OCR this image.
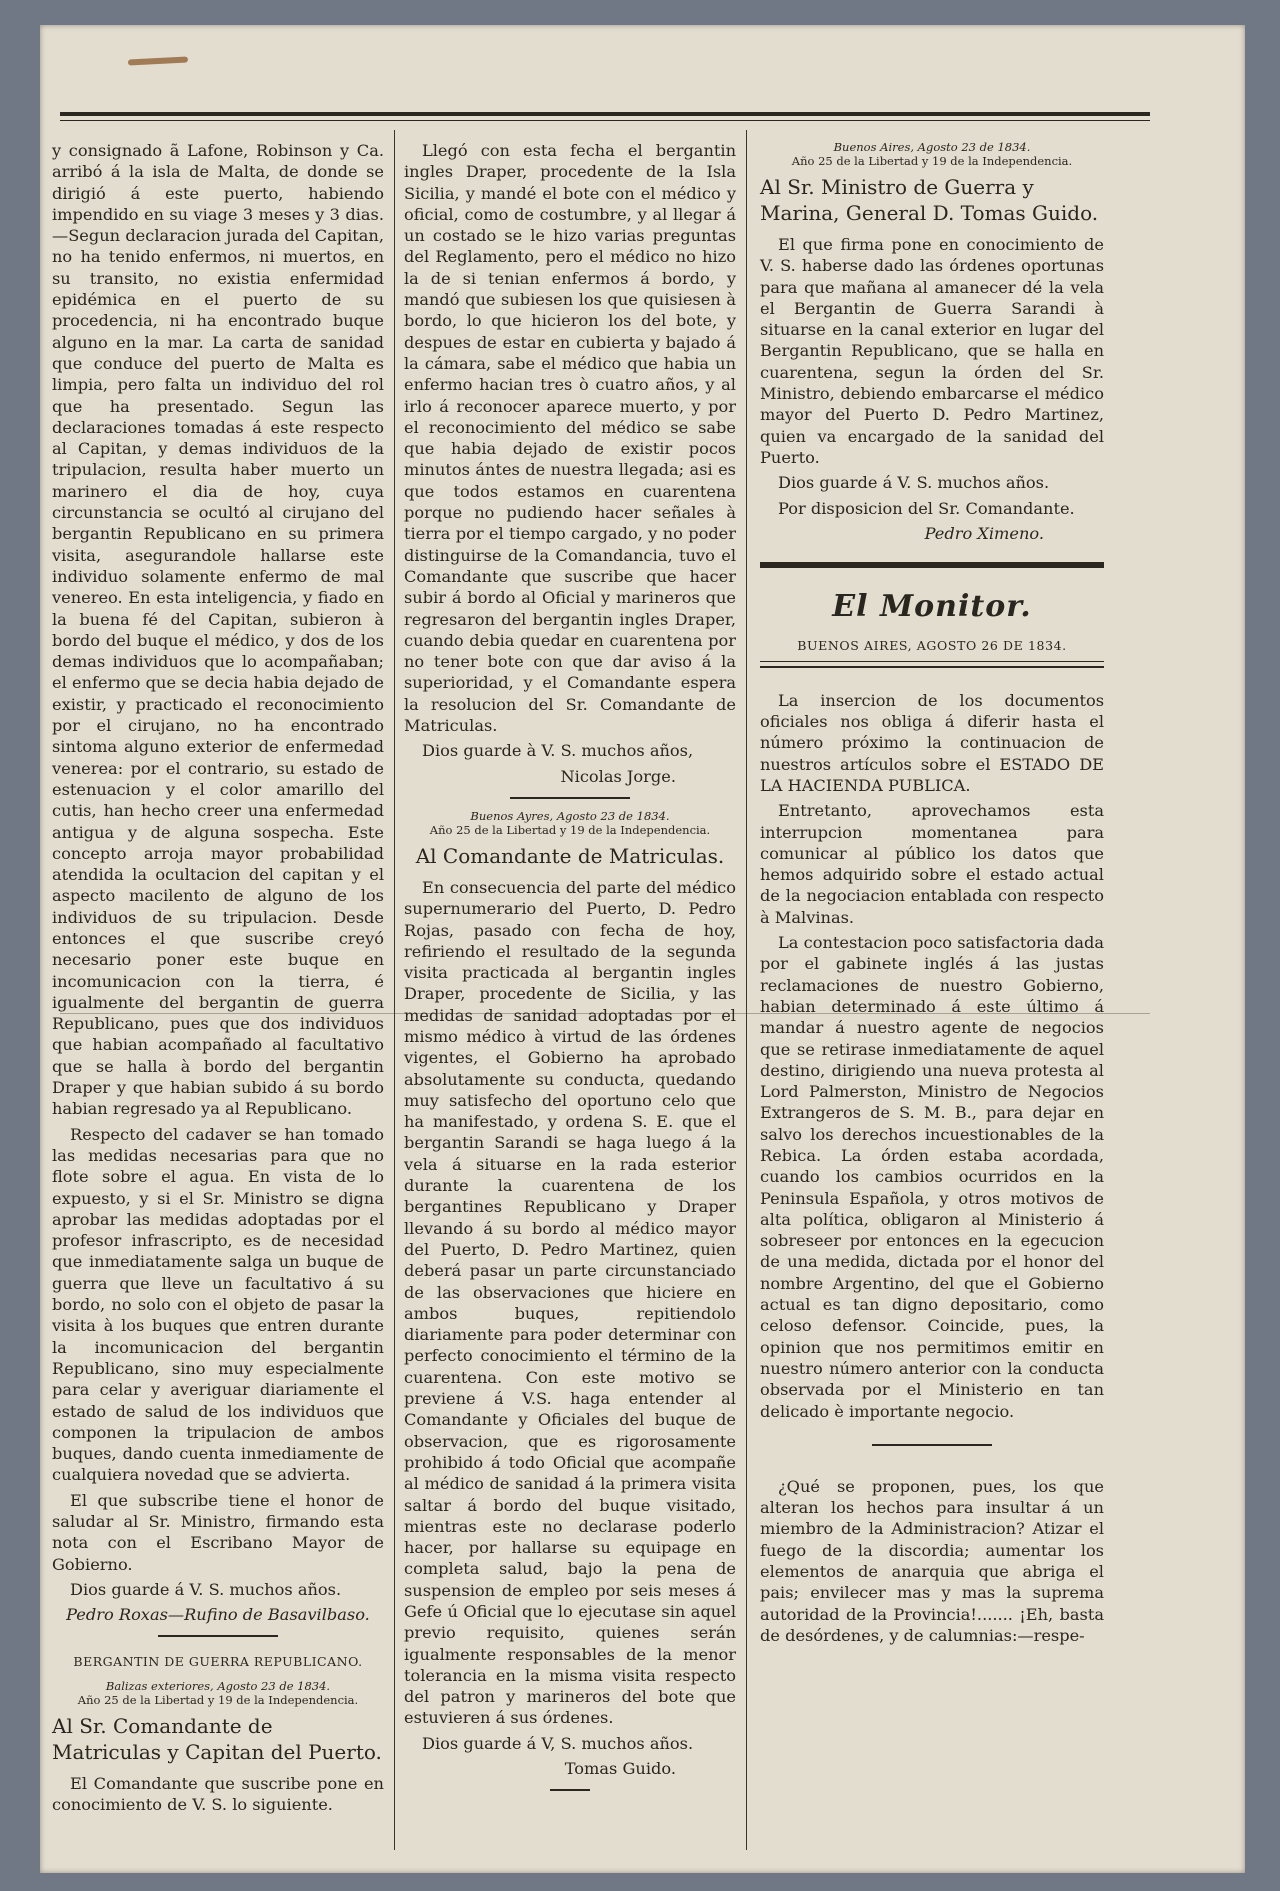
y consignado ã Lafone, Robinson y Ca. arribó á la isla de Malta, de donde se dirigió á este puerto, habiendo impendido en su viage 3 meses y 3 dias.—Segun declaracion jurada del Capitan, no ha tenido enfermos, ni muertos, en su transito, no existia enfermidad epidémica en el puerto de su procedencia, ni ha encontrado buque alguno en la mar. La carta de sanidad que conduce del puerto de Malta es limpia, pero falta un individuo del rol que ha presentado. Segun las declaraciones tomadas á este respecto al Capitan, y demas individuos de la tripulacion, resulta haber muerto un marinero el dia de hoy, cuya circunstancia se ocultó al cirujano del bergantin Republicano en su primera visita, asegurandole hallarse este individuo solamente enfermo de mal venereo. En esta inteligencia, y fiado en la buena fé del Capitan, subieron à bordo del buque el médico, y dos de los demas individuos que lo acompañaban; el enfermo que se decia habia dejado de existir, y practicado el reconocimiento por el cirujano, no ha encontrado sintoma alguno exterior de enfermedad venerea: por el contrario, su estado de estenuacion y el color amarillo del cutis, han hecho creer una enfermedad antigua y de alguna sospecha. Este concepto arroja mayor probabilidad atendida la ocultacion del capitan y el aspecto macilento de alguno de los individuos de su tripulacion. Desde entonces el que suscribe creyó necesario poner este buque en incomunicacion con la tierra, é igualmente del bergantin de guerra Republicano, pues que dos individuos que habian acompañado al facultativo que se halla à bordo del bergantin Draper y que habian subido á su bordo habian regresado ya al Republicano.

Respecto del cadaver se han tomado las medidas necesarias para que no flote sobre el agua. En vista de lo expuesto, y si el Sr. Ministro se digna aprobar las medidas adoptadas por el profesor infrascripto, es de necesidad que inmediatamente salga un buque de guerra que lleve un facultativo á su bordo, no solo con el objeto de pasar la visita à los buques que entren durante la incomunicacion del bergantin Republicano, sino muy especialmente para celar y averiguar diariamente el estado de salud de los individuos que componen la tripulacion de ambos buques, dando cuenta inmediamente de cualquiera novedad que se advierta.

El que subscribe tiene el honor de saludar al Sr. Ministro, firmando esta nota con el Escribano Mayor de Gobierno.

Dios guarde á V. S. muchos años.

Pedro Roxas—Rufino de Basavilbaso.

BERGANTIN DE GUERRA REPUBLICANO.

Balizas exteriores, Agosto 23 de 1834.

Año 25 de la Libertad y 19 de la Independencia.

Al Sr. Comandante de Matriculas y Capitan del Puerto.

El Comandante que suscribe pone en conocimiento de V. S. lo siguiente.

Llegó con esta fecha el bergantin ingles Draper, procedente de la Isla Sicilia, y mandé el bote con el médico y oficial, como de costumbre, y al llegar á un costado se le hizo varias preguntas del Reglamento, pero el médico no hizo la de si tenian enfermos á bordo, y mandó que subiesen los que quisiesen à bordo, lo que hicieron los del bote, y despues de estar en cubierta y bajado á la cámara, sabe el médico que habia un enfermo hacian tres ò cuatro años, y al irlo á reconocer aparece muerto, y por el reconocimiento del médico se sabe que habia dejado de existir pocos minutos ántes de nuestra llegada; asi es que todos estamos en cuarentena porque no pudiendo hacer señales à tierra por el tiempo cargado, y no poder distinguirse de la Comandancia, tuvo el Comandante que suscribe que hacer subir á bordo al Oficial y marineros que regresaron del bergantin ingles Draper, cuando debia quedar en cuarentena por no tener bote con que dar aviso á la superioridad, y el Comandante espera la resolucion del Sr. Comandante de Matriculas.

Dios guarde à V. S. muchos años,

Nicolas Jorge.

Buenos Ayres, Agosto 23 de 1834.

Año 25 de la Libertad y 19 de la Independencia.

Al Comandante de Matriculas.

En consecuencia del parte del médico supernumerario del Puerto, D. Pedro Rojas, pasado con fecha de hoy, refiriendo el resultado de la segunda visita practicada al bergantin ingles Draper, procedente de Sicilia, y las medidas de sanidad adoptadas por el mismo médico à virtud de las órdenes vigentes, el Gobierno ha aprobado absolutamente su conducta, quedando muy satisfecho del oportuno celo que ha manifestado, y ordena S. E. que el bergantin Sarandi se haga luego á la vela á situarse en la rada esterior durante la cuarentena de los bergantines Republicano y Draper llevando á su bordo al médico mayor del Puerto, D. Pedro Martinez, quien deberá pasar un parte circunstanciado de las observaciones que hiciere en ambos buques, repitiendolo diariamente para poder determinar con perfecto conocimiento el término de la cuarentena. Con este motivo se previene á V.S. haga entender al Comandante y Oficiales del buque de observacion, que es rigorosamente prohibido á todo Oficial que acompañe al médico de sanidad á la primera visita saltar á bordo del buque visitado, mientras este no declarase poderlo hacer, por hallarse su equipage en completa salud, bajo la pena de suspension de empleo por seis meses á Gefe ú Oficial que lo ejecutase sin aquel previo requisito, quienes serán igualmente responsables de la menor tolerancia en la misma visita respecto del patron y marineros del bote que estuvieren á sus órdenes.

Dios guarde á V, S. muchos años.

Tomas Guido.

Buenos Aires, Agosto 23 de 1834.

Año 25 de la Libertad y 19 de la Independencia.

Al Sr. Ministro de Guerra y Marina, General D. Tomas Guido.

El que firma pone en conocimiento de V. S. haberse dado las órdenes oportunas para que mañana al amanecer dé la vela el Bergantin de Guerra Sarandi à situarse en la canal exterior en lugar del Bergantin Republicano, que se halla en cuarentena, segun la órden del Sr. Ministro, debiendo embarcarse el médico mayor del Puerto D. Pedro Martinez, quien va encargado de la sanidad del Puerto.

Dios guarde á V. S. muchos años.

Por disposicion del Sr. Comandante.

Pedro Ximeno.

El Monitor.
BUENOS AIRES, AGOSTO 26 DE 1834.

La insercion de los documentos oficiales nos obliga á diferir hasta el número próximo la continuacion de nuestros artículos sobre el ESTADO DE LA HACIENDA PUBLICA.

Entretanto, aprovechamos esta interrupcion momentanea para comunicar al público los datos que hemos adquirido sobre el estado actual de la negociacion entablada con respecto à Malvinas.

La contestacion poco satisfactoria dada por el gabinete inglés á las justas reclamaciones de nuestro Gobierno, habian determinado á este último á mandar á nuestro agente de negocios que se retirase inmediatamente de aquel destino, dirigiendo una nueva protesta al Lord Palmerston, Ministro de Negocios Extrangeros de S. M. B., para dejar en salvo los derechos incuestionables de la Rebica. La órden estaba acordada, cuando los cambios ocurridos en la Peninsula Española, y otros motivos de alta política, obligaron al Ministerio á sobreseer por entonces en la egecucion de una medida, dictada por el honor del nombre Argentino, del que el Gobierno actual es tan digno depositario, como celoso defensor. Coincide, pues, la opinion que nos permitimos emitir en nuestro número anterior con la conducta observada por el Ministerio en tan delicado è importante negocio.

¿Qué se proponen, pues, los que alteran los hechos para insultar á un miembro de la Administracion? Atizar el fuego de la discordia; aumentar los elementos de anarquia que abriga el pais; envilecer mas y mas la suprema autoridad de la Provincia!....... ¡Eh, basta de desórdenes, y de calumnias:—respe-
